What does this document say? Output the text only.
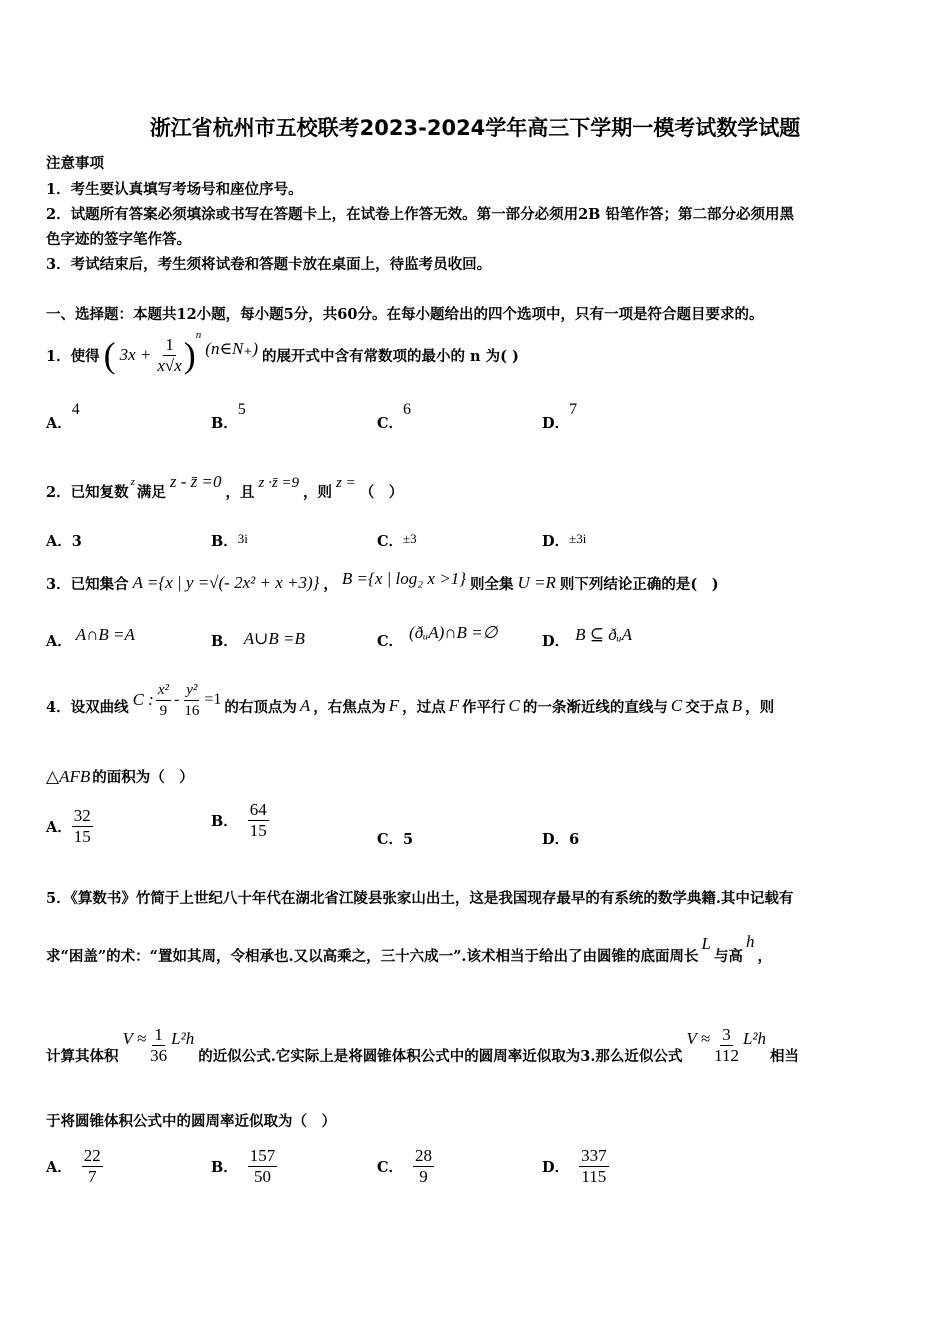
浙江省杭州市五校联考2023-2024学年高三下学期一模考试数学试题
注意事项
1．考生要认真填写考场号和座位序号。
2．试题所有答案必须填涂或书写在答题卡上，在试卷上作答无效。第一部分必须用2B 铅笔作答；第二部分必须用黑
色字迹的签字笔作答。
3．考试结束后，考生须将试卷和答题卡放在桌面上，待监考员收回。
一、选择题：本题共12小题，每小题5分，共60分。在每小题给出的四个选项中，只有一项是符合题目要求的。
1．使得 ( $3x + \frac{1}{x√x}$ ) n
(n∈N₊) 的展开式中含有常数项的最小的 n 为( )
A．4
B．5
C．6
D．7
2．已知复数
z
满足
z - z̄ =0
，且
z ·z̄ =9
，则
z =
（　）
A．3	B．3i	C．±3	D．±3i
3．已知集合 A ={x | y =√(- 2x² + x +3)} ， B ={x | log₂ x >1} 则全集 U =R 则下列结论正确的是(　)
A． A∩B =A	B． A∪B =B	C． (ðᵤA)∩B =∅	D． B ⊆ ðᵤA
4．设双曲线 C : $\frac{\text{x²}}{9} - \frac{\text{y²}}{16} =1$ 的右顶点为 A ，右焦点为 F ，过点 F 作平行 C 的一条渐近线的直线与 C 交于点 B ，则
△AFB 的面积为（　）
A． $\frac{32}{15}$	B． $\frac{64}{15}$	C．5	D．6
5．《算数书》竹简于上世纪八十年代在湖北省江陵县张家山出土，这是我国现存最早的有系统的数学典籍.其中记载有
求“困盖”的术：“置如其周，令相承也.又以高乘之，三十六成一”.该术相当于给出了由圆锥的底面周长
L
与高
h
，
计算其体积
$V \approx \frac{1}{36} L^2h$
的近似公式.它实际上是将圆锥体积公式中的圆周率近似取为3.那么近似公式
$V \approx \frac{3}{112} L^2h$
相当
于将圆锥体积公式中的圆周率近似取为（　）
A． $\frac{22}{7}$	B． $\frac{157}{50}$	C． $\frac{28}{9}$	D． $\frac{337}{115}$
